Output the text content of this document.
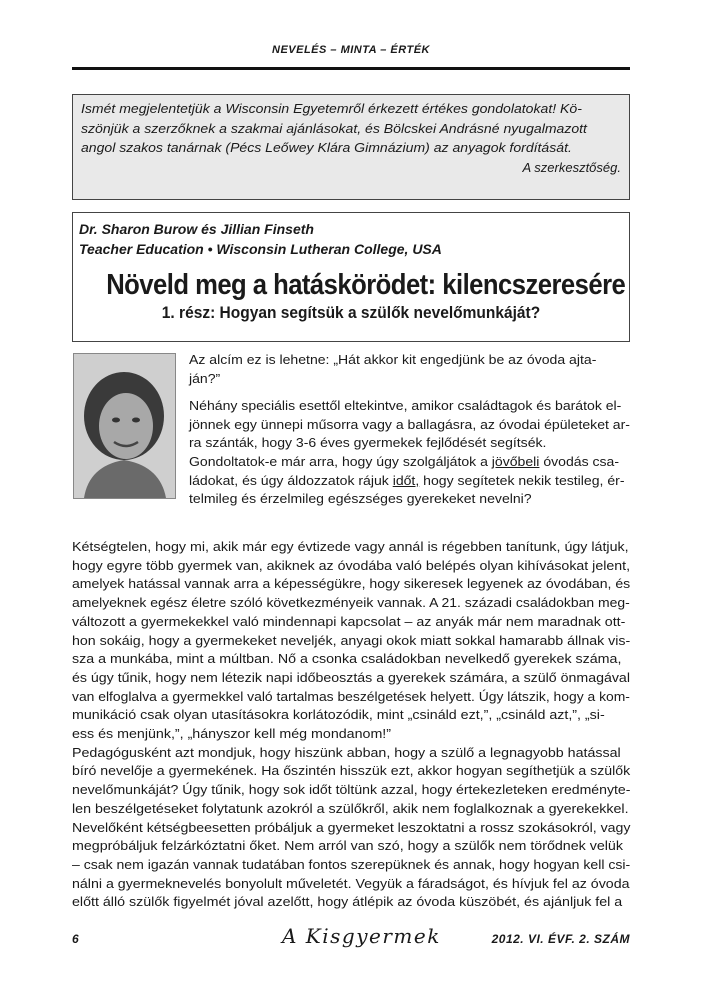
NEVELÉS – MINTA – ÉRTÉK
Ismét megjelentetjük a Wisconsin Egyetemről érkezett értékes gondolatokat! Kö-
szönjük a szerzőknek a szakmai ajánlásokat, és Bölcskei Andrásné nyugalmazott
angol szakos tanárnak (Pécs Leőwey Klára Gimnázium) az anyagok fordítását.
A szerkesztőség.
Dr. Sharon Burow és Jillian Finseth
Teacher Education • Wisconsin Lutheran College, USA
Növeld meg a hatáskörödet: kilencszeresére
1. rész: Hogyan segítsük a szülők nevelőmunkáját?

Az alcím ez is lehetne: „Hát akkor kit engedjünk be az óvoda ajta-
ján?”

Néhány speciális esettől eltekintve, amikor családtagok és barátok el-
jönnek egy ünnepi műsorra vagy a ballagásra, az óvodai épületeket ar-
ra szánták, hogy 3-6 éves gyermekek fejlődését segítsék.
Gondoltatok-e már arra, hogy úgy szolgáljátok a jövőbeli óvodás csa-
ládokat, és úgy áldozzatok rájuk időt, hogy segítetek nekik testileg, ér-
telmileg és érzelmileg egészséges gyerekeket nevelni?

Kétségtelen, hogy mi, akik már egy évtizede vagy annál is régebben tanítunk, úgy látjuk,
hogy egyre több gyermek van, akiknek az óvodába való belépés olyan kihívásokat jelent,
amelyek hatással vannak arra a képességükre, hogy sikeresek legyenek az óvodában, és
amelyeknek egész életre szóló következményeik vannak. A 21. századi családokban meg-
változott a gyermekekkel való mindennapi kapcsolat – az anyák már nem maradnak ott-
hon sokáig, hogy a gyermekeket neveljék, anyagi okok miatt sokkal hamarabb állnak vis-
sza a munkába, mint a múltban. Nő a csonka családokban nevelkedő gyerekek száma,
és úgy tűnik, hogy nem létezik napi időbeosztás a gyerekek számára, a szülő önmagával
van elfoglalva a gyermekkel való tartalmas beszélgetések helyett. Úgy látszik, hogy a kom-
munikáció csak olyan utasításokra korlátozódik, mint „csináld ezt,”, „csináld azt,”, „si-
ess és menjünk,”, „hányszor kell még mondanom!”
Pedagógusként azt mondjuk, hogy hiszünk abban, hogy a szülő a legnagyobb hatással
bíró nevelője a gyermekének. Ha őszintén hisszük ezt, akkor hogyan segíthetjük a szülők
nevelőmunkáját? Úgy tűnik, hogy sok időt töltünk azzal, hogy értekezleteken eredményte-
len beszélgetéseket folytatunk azokról a szülőkről, akik nem foglalkoznak a gyerekekkel.
Nevelőként kétségbeesetten próbáljuk a gyermeket leszoktatni a rossz szokásokról, vagy
megpróbáljuk felzárkóztatni őket. Nem arról van szó, hogy a szülők nem törődnek velük
– csak nem igazán vannak tudatában fontos szerepüknek és annak, hogy hogyan kell csi-
nálni a gyermeknevelés bonyolult műveletét. Vegyük a fáradságot, és hívjuk fel az óvoda
előtt álló szülők figyelmét jóval azelőtt, hogy átlépik az óvoda küszöbét, és ajánljuk fel a
6	A Kisgyermek	2012. VI. ÉVF. 2. SZÁM
